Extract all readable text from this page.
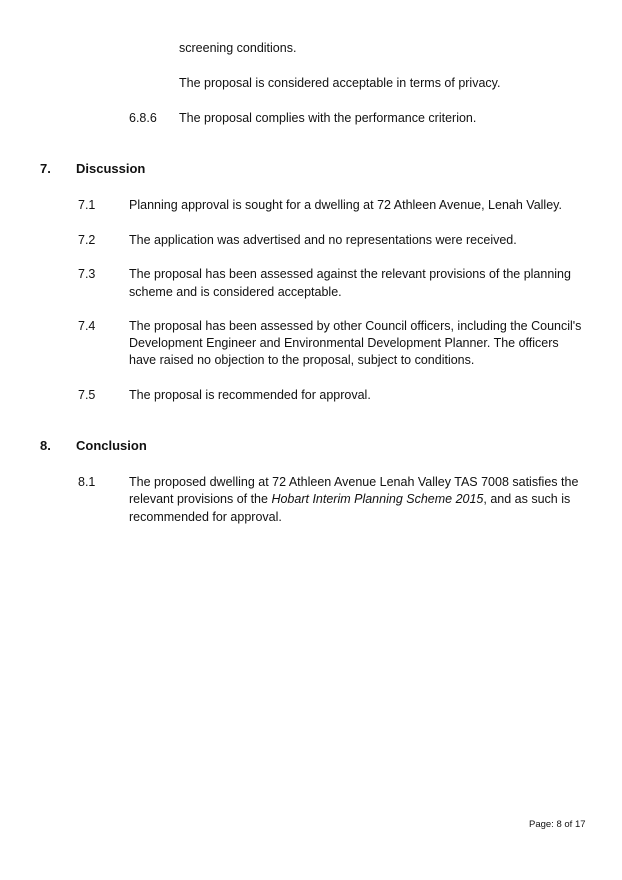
screening conditions.
The proposal is considered acceptable in terms of privacy.
6.8.6 The proposal complies with the performance criterion.
7. Discussion
7.1	Planning approval is sought for a dwelling at 72 Athleen Avenue, Lenah Valley.
7.2	The application was advertised and no representations were received.
7.3	The proposal has been assessed against the relevant provisions of the planning
scheme and is considered acceptable.
7.4	The proposal has been assessed by other Council officers, including the Council's
Development Engineer and Environmental Development Planner. The officers
have raised no objection to the proposal, subject to conditions.
7.5	The proposal is recommended for approval.
8. Conclusion
8.1	The proposed dwelling at 72 Athleen Avenue Lenah Valley TAS 7008 satisfies the
relevant provisions of the Hobart Interim Planning Scheme 2015, and as such is
recommended for approval.
Page: 8 of 17
